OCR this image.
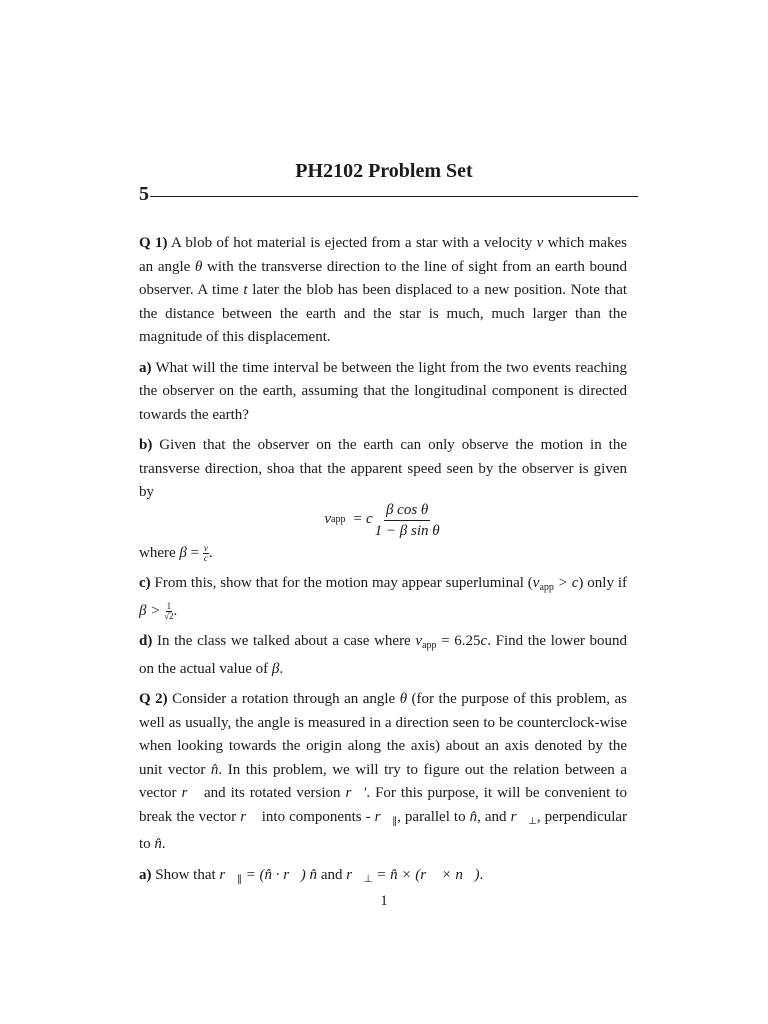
PH2102 Problem Set
5

Q 1) A blob of hot material is ejected from a star with a velocity v which makes an angle θ with the transverse direction to the line of sight from an earth bound observer. A time t later the blob has been displaced to a new position. Note that the distance between the earth and the star is much, much larger than the magnitude of this displacement.

a) What will the time interval be between the light from the two events reaching the observer on the earth, assuming that the longitudinal component is directed towards the earth?

b) Given that the observer on the earth can only observe the motion in the transverse direction, shoa that the apparent speed seen by the observer is given by

v app = c $\frac{\text{β cos θ}}{\text{1 − β sin θ}}$

where $\beta = \frac{v}{c}$ .

c) From this, show that for the motion may appear superluminal $(v_{app} > c)$ only if $\beta > \frac{1}{√2}$ .

d) In the class we talked about a case where $v_{app} = 6.25c$. Find the lower bound on the actual value of β.

Q 2) Consider a rotation through an angle θ (for the purpose of this problem, as well as usually, the angle is measured in a direction seen to be counterclock-wise when looking towards the origin along the axis) about an axis denoted by the unit vector n̂. In this problem, we will try to figure out the relation between a vector r⃗ and its rotated version r⃗′. For this purpose, it will be convenient to break the vector r⃗ into components - $r⃗_\parallel$, parallel to n̂, and $r⃗_\perp$, perpendicular to n̂.

a) Show that $r⃗_\parallel$ = (n̂ · r⃗) n̂ and $r⃗_\perp$ = n̂ × (r⃗ × n⃗).

1
